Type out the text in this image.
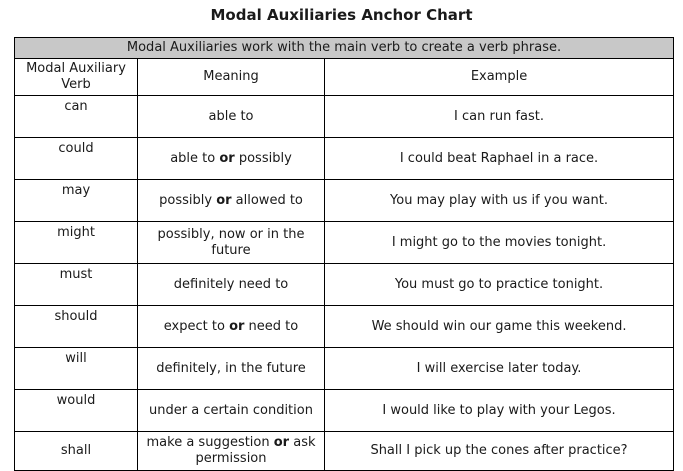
Modal Auxiliaries Anchor Chart
Modal Auxiliaries work with the main verb to create a verb phrase.		
Modal Auxiliary Verb	Meaning	Example
can	able to	I can run fast.
could	able to or possibly	I could beat Raphael in a race.
may	possibly or allowed to	You may play with us if you want.
might	possibly, now or in the future	I might go to the movies tonight.
must	definitely need to	You must go to practice tonight.
should	expect to or need to	We should win our game this weekend.
will	definitely, in the future	I will exercise later today.
would	under a certain condition	I would like to play with your Legos.
shall	make a suggestion or ask permission	Shall I pick up the cones after practice?
